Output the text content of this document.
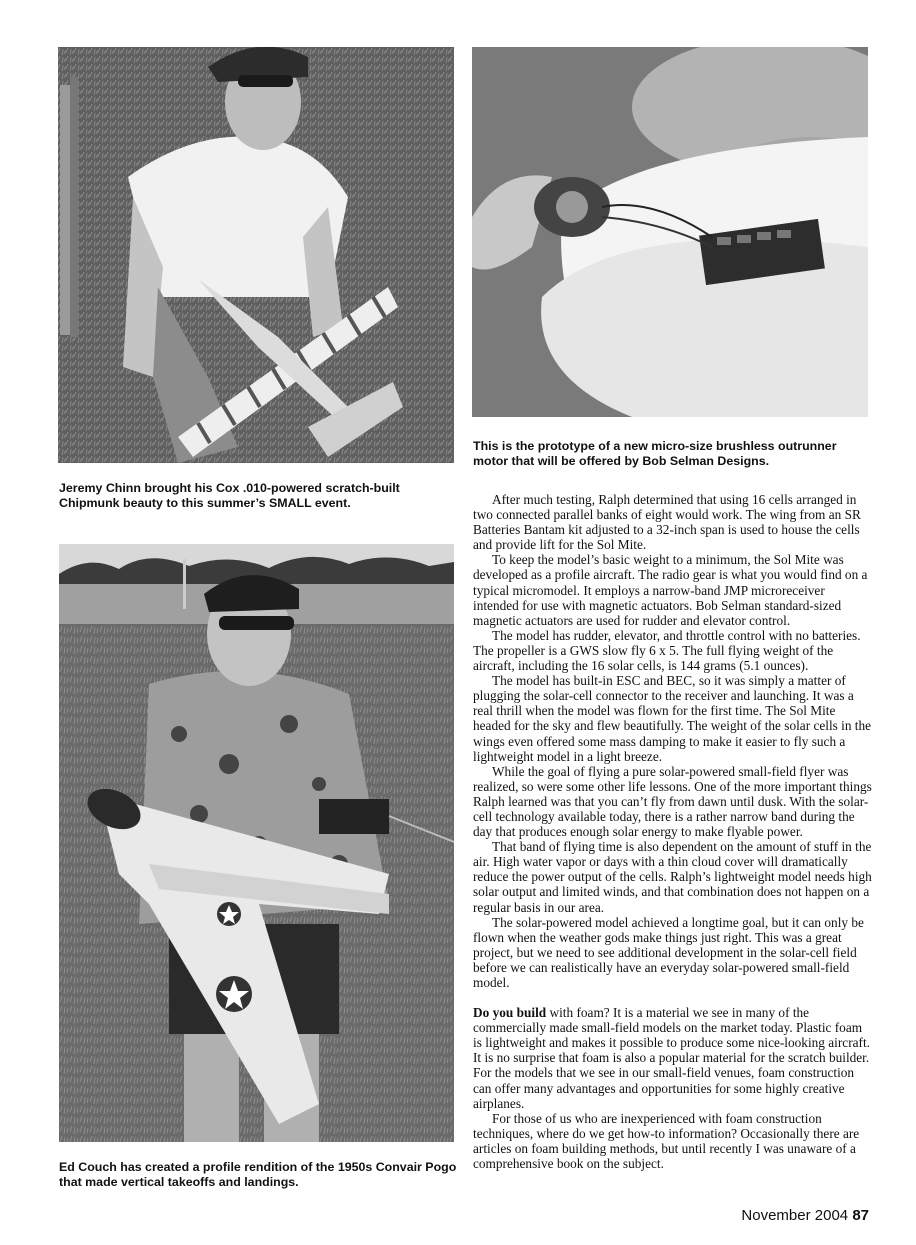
This is the prototype of a new micro-size brushless outrunner motor that will be offered by Bob Selman Designs.
Jeremy Chinn brought his Cox .010-powered scratch-built Chipmunk beauty to this summer’s SMALL event.	After much testing, Ralph determined that using 16 cells arranged in two connected parallel banks of eight would work. The wing from an SR Batteries Bantam kit adjusted to a 32-inch span is used to house the cells and provide lift for the Sol Mite.

To keep the model’s basic weight to a minimum, the Sol Mite was developed as a profile aircraft. The radio gear is what you would find on a typical micromodel. It employs a narrow-band JMP microreceiver intended for use with magnetic actuators. Bob Selman standard-sized magnetic actuators are used for rudder and elevator control.

The model has rudder, elevator, and throttle control with no batteries. The propeller is a GWS slow fly 6 x 5. The full flying weight of the aircraft, including the 16 solar cells, is 144 grams (5.1 ounces).

The model has built-in ESC and BEC, so it was simply a matter of plugging the solar-cell connector to the receiver and launching. It was a real thrill when the model was flown for the first time. The Sol Mite headed for the sky and flew beautifully. The weight of the solar cells in the wings even offered some mass damping to make it easier to fly such a lightweight model in a light breeze.

While the goal of flying a pure solar-powered small-field flyer was realized, so were some other life lessons. One of the more important things Ralph learned was that you can’t fly from dawn until dusk. With the solar-cell technology available today, there is a rather narrow band during the day that produces enough solar energy to make flyable power.

That band of flying time is also dependent on the amount of stuff in the air. High water vapor or days with a thin cloud cover will dramatically reduce the power output of the cells. Ralph’s lightweight model needs high solar output and limited winds, and that combination does not happen on a regular basis in our area.

The solar-powered model achieved a longtime goal, but it can only be flown when the weather gods make things just right. This was a great project, but we need to see additional development in the solar-cell field before we can realistically have an everyday solar-powered small-field model.

Do you build with foam? It is a material we see in many of the commercially made small-field models on the market today. Plastic foam is lightweight and makes it possible to produce some nice-looking aircraft. It is no surprise that foam is also a popular material for the scratch builder. For the models that we see in our small-field venues, foam construction can offer many advantages and opportunities for some highly creative airplanes.

For those of us who are inexperienced with foam construction techniques, where do we get how-to information? Occasionally there are articles on foam building methods, but until recently I was unaware of a comprehensive book on the subject.

Ed Couch has created a profile rendition of the 1950s Convair Pogo that made vertical takeoffs and landings.
November 2004 87
